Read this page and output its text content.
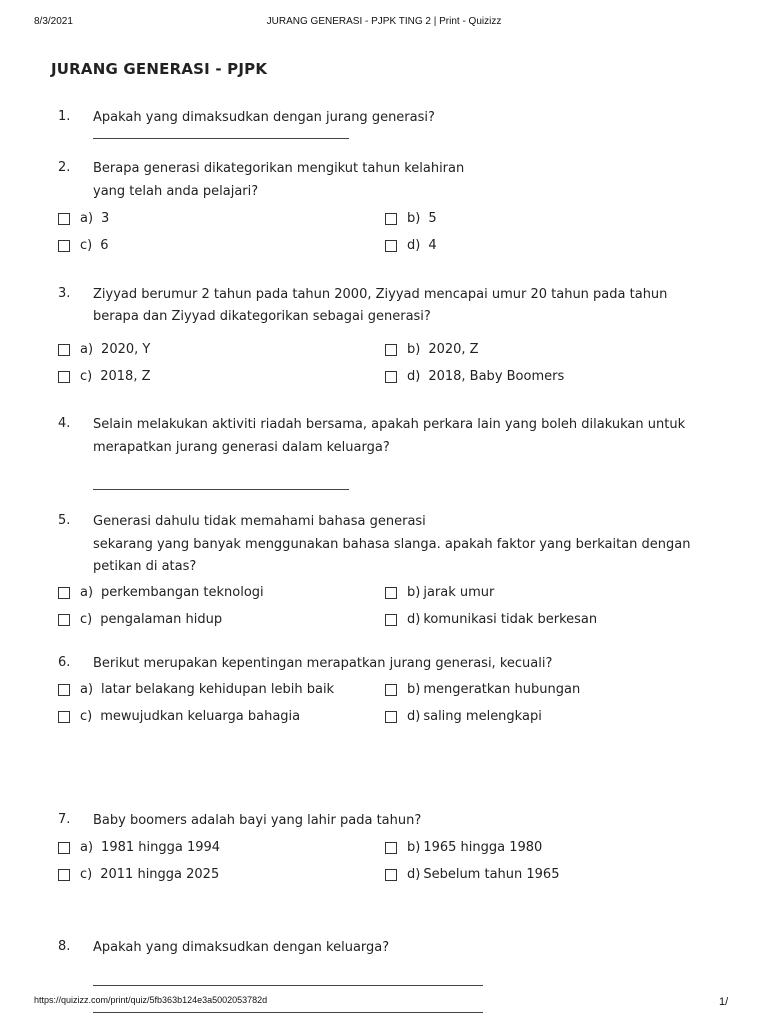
8/3/2021	JURANG GENERASI - PJPK TING 2 | Print - Quizizz
JURANG GENERASI - PJPK
1. Apakah yang dimaksudkan dengan jurang generasi?
2. Berapa generasi dikategorikan mengikut tahun kelahiran
yang telah anda pelajari?
a) 3	b) 5
c) 6	d) 4
3. Ziyyad berumur 2 tahun pada tahun 2000, Ziyyad mencapai umur 20 tahun pada tahun
berapa dan Ziyyad dikategorikan sebagai generasi?
a) 2020, Y	b) 2020, Z
c) 2018, Z	d) 2018, Baby Boomers
4. Selain melakukan aktiviti riadah bersama, apakah perkara lain yang boleh dilakukan untuk
merapatkan jurang generasi dalam keluarga?
5. Generasi dahulu tidak memahami bahasa generasi
sekarang yang banyak menggunakan bahasa slanga. apakah faktor yang berkaitan dengan
petikan di atas?
a) perkembangan teknologi	b) jarak umur
c) pengalaman hidup	d) komunikasi tidak berkesan
6. Berikut merupakan kepentingan merapatkan jurang generasi, kecuali?
a) latar belakang kehidupan lebih baik	b) mengeratkan hubungan
c) mewujudkan keluarga bahagia	d) saling melengkapi
7. Baby boomers adalah bayi yang lahir pada tahun?
a) 1981 hingga 1994	b) 1965 hingga 1980
c) 2011 hingga 2025	d) Sebelum tahun 1965
8. Apakah yang dimaksudkan dengan keluarga?
https://quizizz.com/print/quiz/5fb363b124e3a5002053782d	1/
